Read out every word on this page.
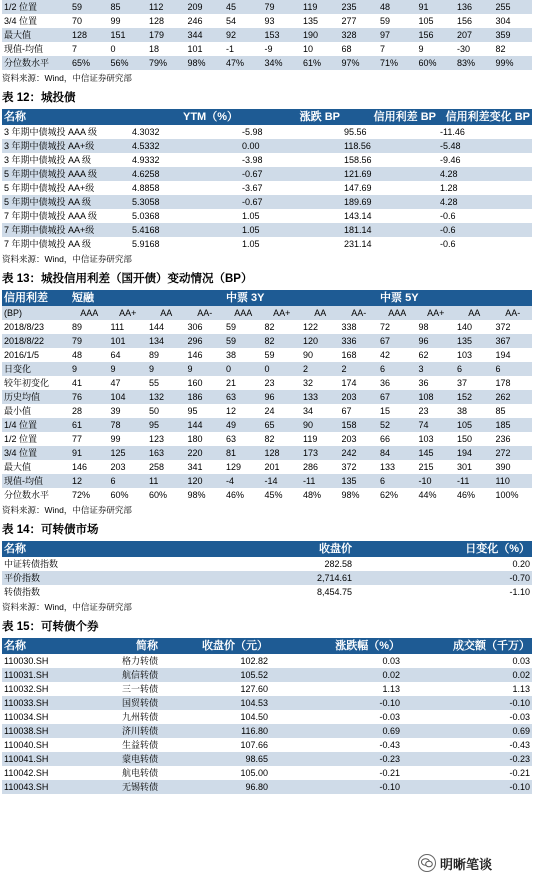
1/2 位置	59	85	112	209	45	79	119	235	48	91	136	255
3/4 位置	70	99	128	246	54	93	135	277	59	105	156	304
最大值	128	151	179	344	92	153	190	328	97	156	207	359
现值-均值	7	0	18	101	-1	-9	10	68	7	9	-30	82
分位数水平	65%	56%	79%	98%	47%	34%	61%	97%	71%	60%	83%	99%
资料来源：Wind，中信证券研究部
表 12：城投债
名称	YTM（%）	涨跌 BP	信用利差 BP	信用利差变化 BP
3 年期中债城投 AAA 级	4.3032	-5.98	95.56	-11.46
3 年期中债城投 AA+级	4.5332	0.00	118.56	-5.48
3 年期中债城投 AA 级	4.9332	-3.98	158.56	-9.46
5 年期中债城投 AAA 级	4.6258	-0.67	121.69	4.28
5 年期中债城投 AA+级	4.8858	-3.67	147.69	1.28
5 年期中债城投 AA 级	5.3058	-0.67	189.69	4.28
7 年期中债城投 AAA 级	5.0368	1.05	143.14	-0.6
7 年期中债城投 AA+级	5.4168	1.05	181.14	-0.6
7 年期中债城投 AA 级	5.9168	1.05	231.14	-0.6
资料来源：Wind，中信证券研究部
表 13：城投信用利差（国开债）变动情况（BP）
信用利差	短融				中票 3Y				中票 5Y			
(BP)	AAA	AA+	AA	AA-	AAA	AA+	AA	AA-	AAA	AA+	AA	AA-
2018/8/23	89	111	144	306	59	82	122	338	72	98	140	372
2018/8/22	79	101	134	296	59	82	120	336	67	96	135	367
2016/1/5	48	64	89	146	38	59	90	168	42	62	103	194
日变化	9	9	9	9	0	0	2	2	6	3	6	6
较年初变化	41	47	55	160	21	23	32	174	36	36	37	178
历史均值	76	104	132	186	63	96	133	203	67	108	152	262
最小值	28	39	50	95	12	24	34	67	15	23	38	85
1/4 位置	61	78	95	144	49	65	90	158	52	74	105	185
1/2 位置	77	99	123	180	63	82	119	203	66	103	150	236
3/4 位置	91	125	163	220	81	128	173	242	84	145	194	272
最大值	146	203	258	341	129	201	286	372	133	215	301	390
现值-均值	12	6	11	120	-4	-14	-11	135	6	-10	-11	110
分位数水平	72%	60%	60%	98%	46%	45%	48%	98%	62%	44%	46%	100%
资料来源：Wind，中信证券研究部
表 14：可转债市场
名称	收盘价	日变化（%）
中证转债指数	282.58	0.20
平价指数	2,714.61	-0.70
转债指数	8,454.75	-1.10
资料来源：Wind，中信证券研究部
表 15：可转债个券
名称	简称	收盘价（元）	涨跌幅（%）	成交额（千万）
110030.SH	格力转债	102.82	0.03	0.03
110031.SH	航信转债	105.52	0.02	0.02
110032.SH	三一转债	127.60	1.13	1.13
110033.SH	国贸转债	104.53	-0.10	-0.10
110034.SH	九州转债	104.50	-0.03	-0.03
110038.SH	济川转债	116.80	0.69	0.69
110040.SH	生益转债	107.66	-0.43	-0.43
110041.SH	蒙电转债	98.65	-0.23	-0.23
110042.SH	航电转债	105.00	-0.21	-0.21
110043.SH	无锡转债	96.80	-0.10	-0.10
明晰笔谈
